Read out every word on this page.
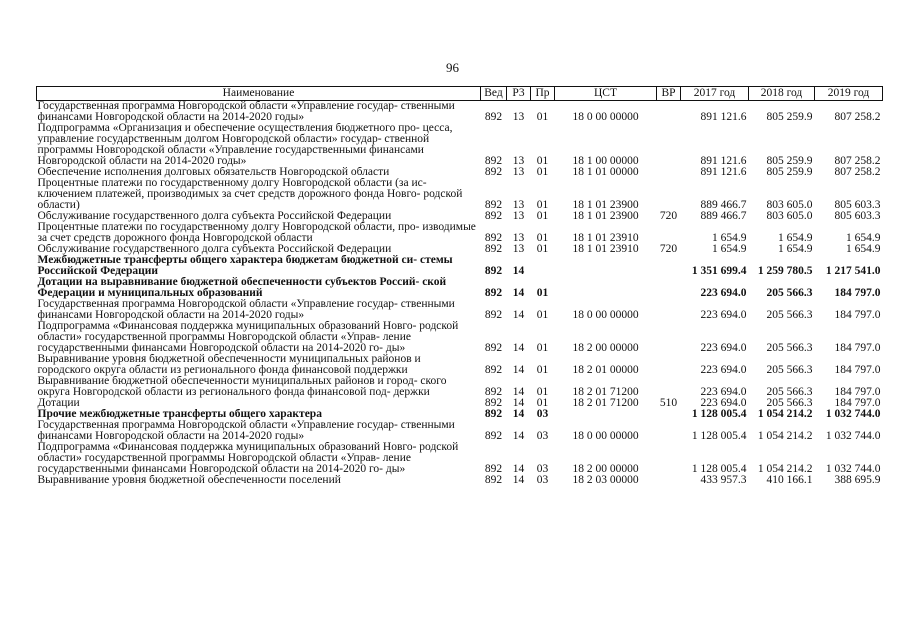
96
Наименование	Вед	Р3	Пр	ЦСТ	ВР	2017 год	2018 год	2019 год
Государственная программа Новгородской области «Управление государ- ственными финансами Новгородской области на 2014-2020 годы»	892	13	01	18 0 00 00000		891 121.6	805 259.9	807 258.2
Подпрограмма «Организация и обеспечение осуществления бюджетного про- цесса, управление государственным долгом Новгородской области» государ- ственной программы Новгородской области «Управление государственными финансами Новгородской области на 2014-2020 годы»	892	13	01	18 1 00 00000		891 121.6	805 259.9	807 258.2
Обеспечение исполнения долговых обязательств Новгородской области	892	13	01	18 1 01 00000		891 121.6	805 259.9	807 258.2
Процентные платежи по государственному долгу Новгородской области (за ис- ключением платежей, производимых за счет средств дорожного фонда Новго- родской области)	892	13	01	18 1 01 23900		889 466.7	803 605.0	805 603.3
Обслуживание государственного долга субъекта Российской Федерации	892	13	01	18 1 01 23900	720	889 466.7	803 605.0	805 603.3
Процентные платежи по государственному долгу Новгородской области, про- изводимые за счет средств дорожного фонда Новгородской области	892	13	01	18 1 01 23910		1 654.9	1 654.9	1 654.9
Обслуживание государственного долга субъекта Российской Федерации	892	13	01	18 1 01 23910	720	1 654.9	1 654.9	1 654.9
Межбюджетные трансферты общего характера бюджетам бюджетной си- стемы Российской Федерации	892	14				1 351 699.4	1 259 780.5	1 217 541.0
Дотации на выравнивание бюджетной обеспеченности субъектов Россий- ской Федерации и муниципальных образований	892	14	01			223 694.0	205 566.3	184 797.0
Государственная программа Новгородской области «Управление государ- ственными финансами Новгородской области на 2014-2020 годы»	892	14	01	18 0 00 00000		223 694.0	205 566.3	184 797.0
Подпрограмма «Финансовая поддержка муниципальных образований Новго- родской области» государственной программы Новгородской области «Управ- ление государственными финансами Новгородской области на 2014-2020 го- ды»	892	14	01	18 2 00 00000		223 694.0	205 566.3	184 797.0
Выравнивание уровня бюджетной обеспеченности муниципальных районов и городского округа области из регионального фонда финансовой поддержки	892	14	01	18 2 01 00000		223 694.0	205 566.3	184 797.0
Выравнивание бюджетной обеспеченности муниципальных районов и город- ского округа Новгородской области из регионального фонда финансовой под- держки	892	14	01	18 2 01 71200		223 694.0	205 566.3	184 797.0
Дотации	892	14	01	18 2 01 71200	510	223 694.0	205 566.3	184 797.0
Прочие межбюджетные трансферты общего характера	892	14	03			1 128 005.4	1 054 214.2	1 032 744.0
Государственная программа Новгородской области «Управление государ- ственными финансами Новгородской области на 2014-2020 годы»	892	14	03	18 0 00 00000		1 128 005.4	1 054 214.2	1 032 744.0
Подпрограмма «Финансовая поддержка муниципальных образований Новго- родской области» государственной программы Новгородской области «Управ- ление государственными финансами Новгородской области на 2014-2020 го- ды»	892	14	03	18 2 00 00000		1 128 005.4	1 054 214.2	1 032 744.0
Выравнивание уровня бюджетной обеспеченности поселений	892	14	03	18 2 03 00000		433 957.3	410 166.1	388 695.9
